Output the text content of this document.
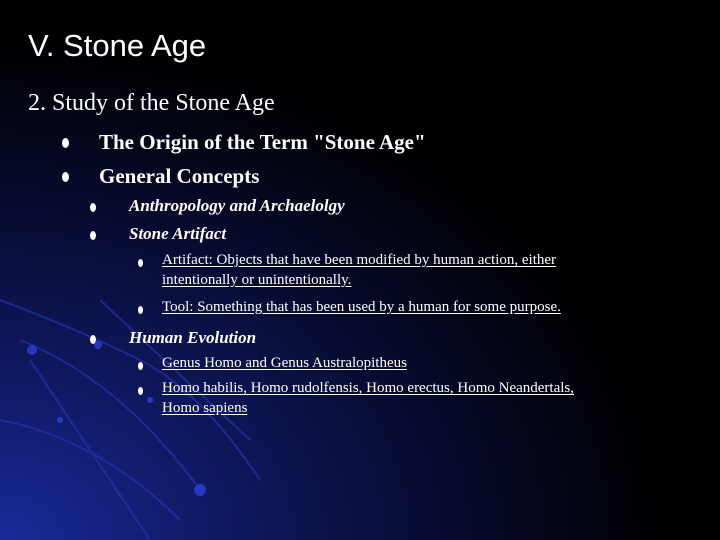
V. Stone Age
2. Study of the Stone Age
The Origin of the Term "Stone Age"
General Concepts
Anthropology and Archaelolgy
Stone Artifact
Artifact: Objects that have been modified by human action, either
intentionally or unintentionally.
Tool: Something that has been used by a human for some purpose.
Human Evolution
Genus Homo and Genus Australopitheus
Homo habilis, Homo rudolfensis, Homo erectus, Homo Neandertals,
Homo sapiens
